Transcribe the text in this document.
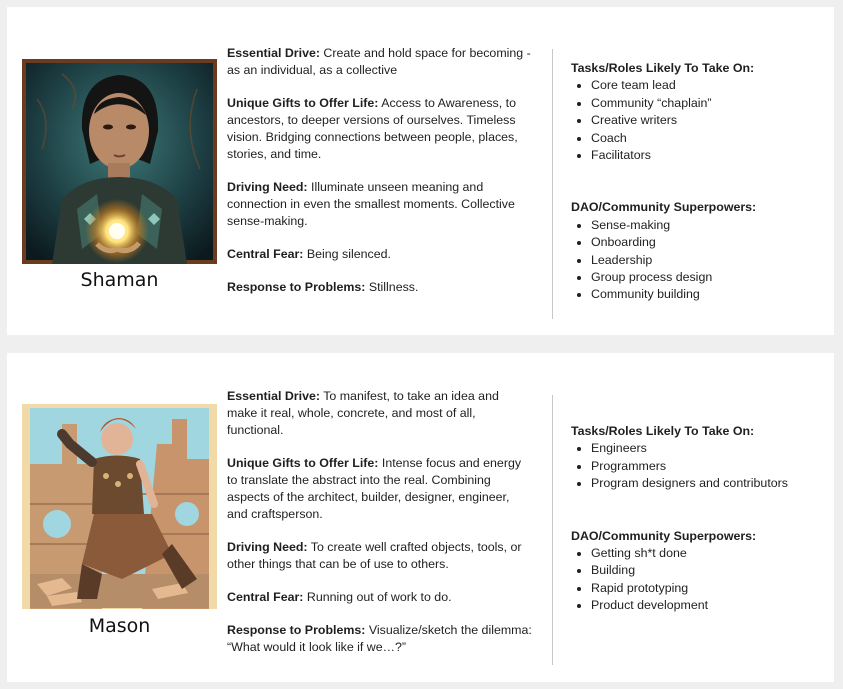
Shaman

Essential Drive: Create and hold space for becoming - as an individual, as a collective

Unique Gifts to Offer Life: Access to Awareness, to ancestors, to deeper versions of ourselves. Timeless vision. Bridging connections between people, places, stories, and time.

Driving Need: Illuminate unseen meaning and connection in even the smallest moments. Collective sense-making.

Central Fear: Being silenced.

Response to Problems: Stillness.

Tasks/Roles Likely To Take On:
• Core team lead
• Community “chaplain”
• Creative writers
• Coach
• Facilitators
DAO/Community Superpowers:
• Sense-making
• Onboarding
• Leadership
• Group process design
• Community building
Mason

Essential Drive: To manifest, to take an idea and make it real, whole, concrete, and most of all, functional.

Unique Gifts to Offer Life: Intense focus and energy to translate the abstract into the real. Combining aspects of the architect, builder, designer, engineer, and craftsperson.

Driving Need: To create well crafted objects, tools, or other things that can be of use to others.

Central Fear: Running out of work to do.

Response to Problems: Visualize/sketch the dilemma: “What would it look like if we…?”

Tasks/Roles Likely To Take On:
• Engineers
• Programmers
• Program designers and contributors
DAO/Community Superpowers:
• Getting sh*t done
• Building
• Rapid prototyping
• Product development
